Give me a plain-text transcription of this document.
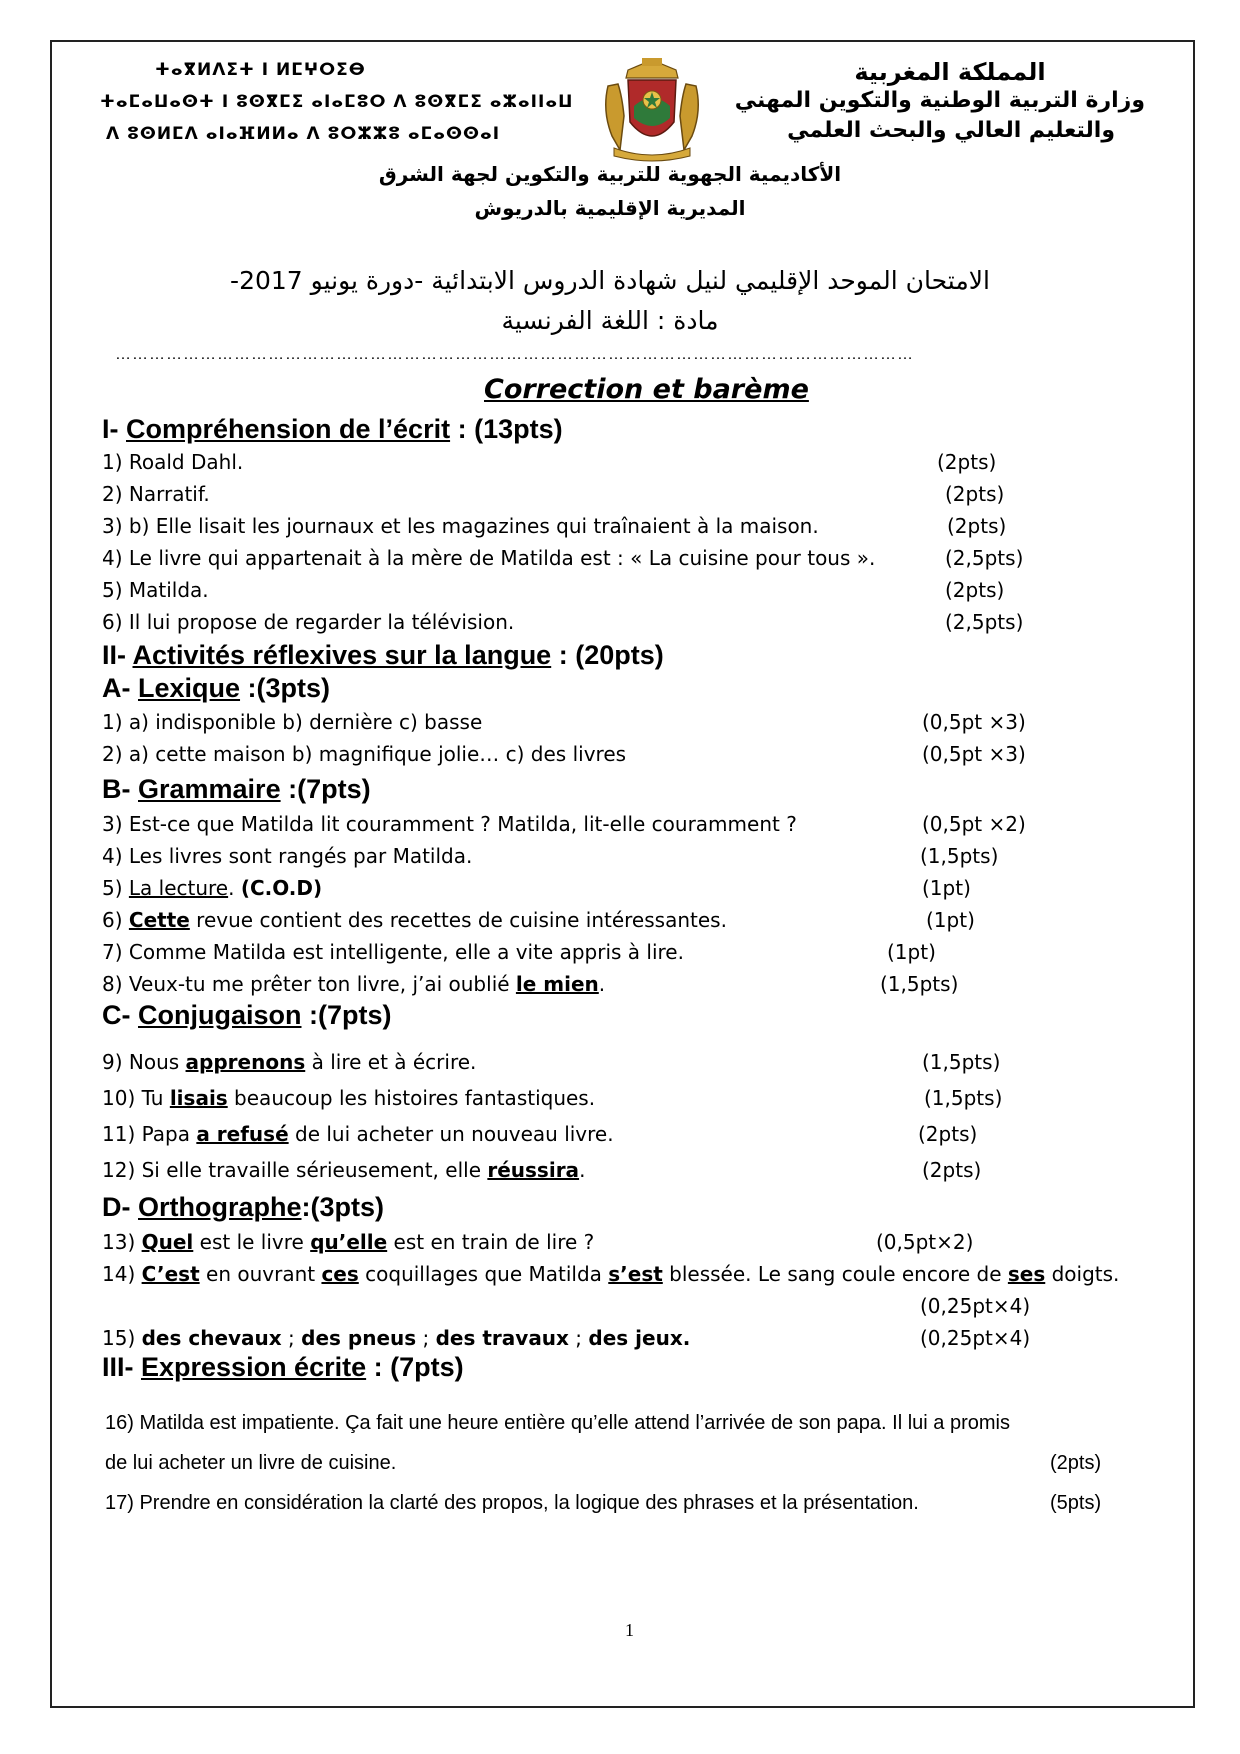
ⵜⴰⴳⵍⴷⵉⵜ ⵏ ⵍⵎⵖⵔⵉⴱ
ⵜⴰⵎⴰⵡⴰⵙⵜ ⵏ ⵓⵙⴳⵎⵉ ⴰⵏⴰⵎⵓⵔ ⴷ ⵓⵙⴳⵎⵉ ⴰⵣⴰⵏⵏⴰⵡ
ⴷ ⵓⵙⵍⵎⴷ ⴰⵏⴰⴼⵍⵍⴰ ⴷ ⵓⵔⵣⵣⵓ ⴰⵎⴰⵙⵙⴰⵏ
المملكة المغربية
وزارة التربية الوطنية والتكوين المهني
والتعليم العالي والبحث العلمي
الأكاديمية الجهوية للتربية والتكوين لجهة الشرق
المديرية الإقليمية بالدريوش
الامتحان الموحد الإقليمي لنيل شهادة الدروس الابتدائية -دورة يونيو 2017-
مادة : اللغة الفرنسية
……………………………………………………………………………………………………………………………
Correction et barème
I- Compréhension de l’écrit : (13pts)
1) Roald Dahl.	(2pts)
2) Narratif.	(2pts)
3) b) Elle lisait les journaux et les magazines qui traînaient à la maison.	(2pts)
4) Le livre qui appartenait à la mère de Matilda est : « La cuisine pour tous ».	(2,5pts)
5) Matilda.	(2pts)
6) Il lui propose de regarder la télévision.	(2,5pts)
II- Activités réflexives sur la langue : (20pts)
A- Lexique :(3pts)
1) a) indisponible b) dernière c) basse	(0,5pt ×3)
2) a) cette maison b) magnifique jolie… c) des livres	(0,5pt ×3)
B- Grammaire :(7pts)
3) Est-ce que Matilda lit couramment ? Matilda, lit-elle couramment ?	(0,5pt ×2)
4) Les livres sont rangés par Matilda.	(1,5pts)
5) La lecture. (C.O.D)	(1pt)
6) Cette revue contient des recettes de cuisine intéressantes.	(1pt)
7) Comme Matilda est intelligente, elle a vite appris à lire.	(1pt)
8) Veux-tu me prêter ton livre, j’ai oublié le mien.	(1,5pts)
C- Conjugaison :(7pts)
9) Nous apprenons à lire et à écrire.	(1,5pts)
10) Tu lisais beaucoup les histoires fantastiques.	(1,5pts)
11) Papa a refusé de lui acheter un nouveau livre.	(2pts)
12) Si elle travaille sérieusement, elle réussira.	(2pts)
D- Orthographe:(3pts)
13) Quel est le livre qu’elle est en train de lire ?	(0,5pt×2)
14) C’est en ouvrant ces coquillages que Matilda s’est blessée. Le sang coule encore de ses doigts.
(0,25pt×4)
15) des chevaux ; des pneus ; des travaux ; des jeux.	(0,25pt×4)
III- Expression écrite : (7pts)
16) Matilda est impatiente. Ça fait une heure entière qu’elle attend l’arrivée de son papa. Il lui a promis
de lui acheter un livre de cuisine.	(2pts)
17) Prendre en considération la clarté des propos, la logique des phrases et la présentation.	(5pts)
1
